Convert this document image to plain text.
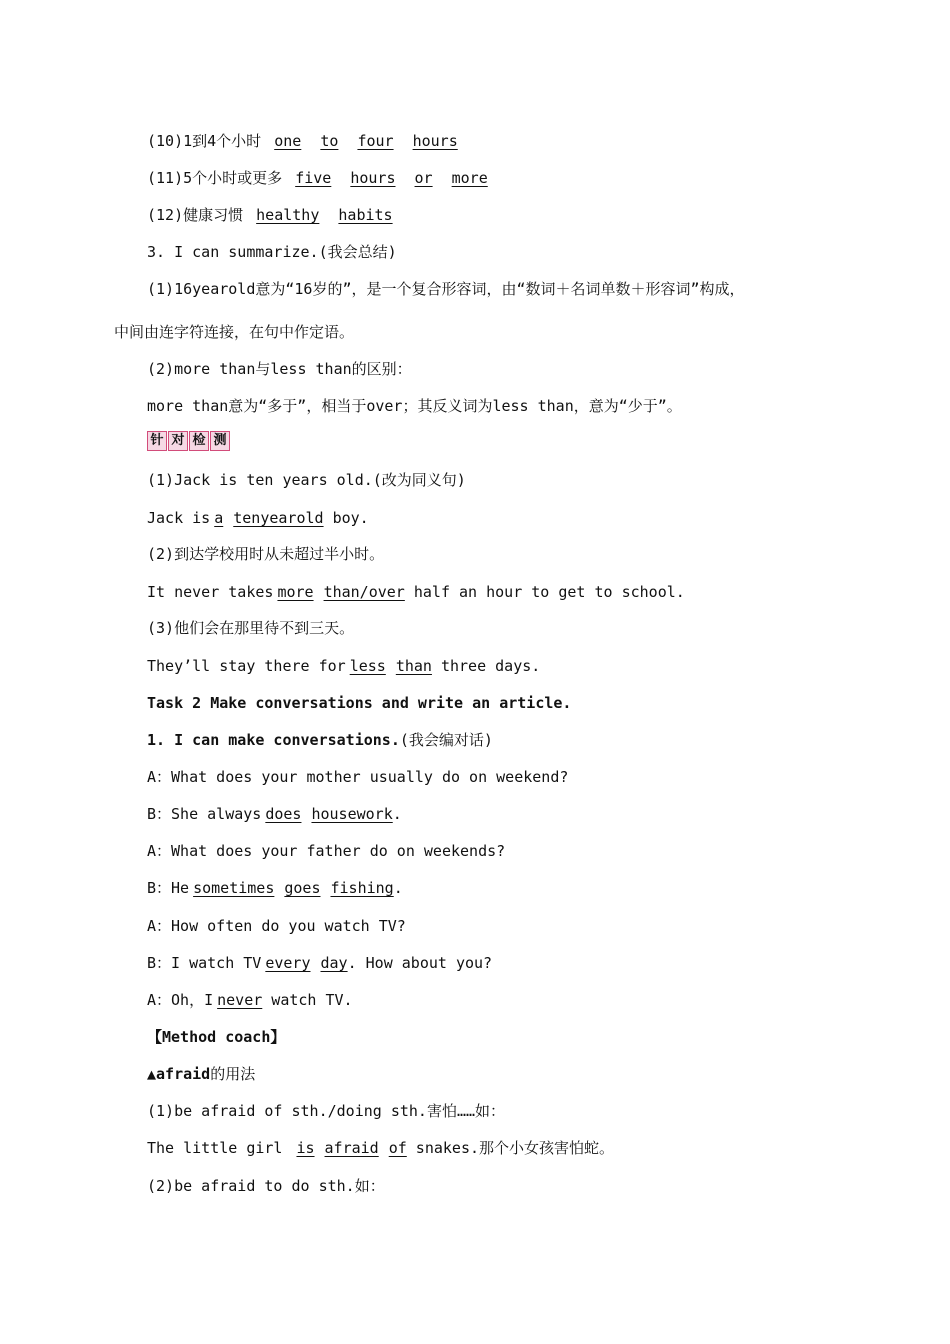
(10)1到4个小时 one to four hours
(11)5个小时或更多 five hours or more
(12)健康习惯 healthy habits
3. I can summarize.(我会总结)
(1)16yearold意为“16岁的”，是一个复合形容词，由“数词＋名词单数＋形容词”构成，
中间由连字符连接，在句中作定语。
(2)more than与less than的区别：
more than意为“多于”，相当于over；其反义词为less than，意为“少于”。
针 对 检 测
(1)Jack is ten years old.(改为同义句)
Jack is a tenyearold boy.
(2)到达学校用时从未超过半小时。
It never takes more than/over half an hour to get to school.
(3)他们会在那里待不到三天。
They’ll stay there for less than three days.
Task 2 Make conversations and write an article.
1. I can make conversations.(我会编对话)
A：What does your mother usually do on weekend?
B：She always does housework.
A：What does your father do on weekends?
B：He sometimes goes fishing.
A：How often do you watch TV?
B：I watch TV every day. How about you?
A：Oh，I never watch TV.
【Method coach】
▲afraid的用法
(1)be afraid of sth./doing sth.害怕……如：
The little girl is afraid of snakes.那个小女孩害怕蛇。
(2)be afraid to do sth.如：
